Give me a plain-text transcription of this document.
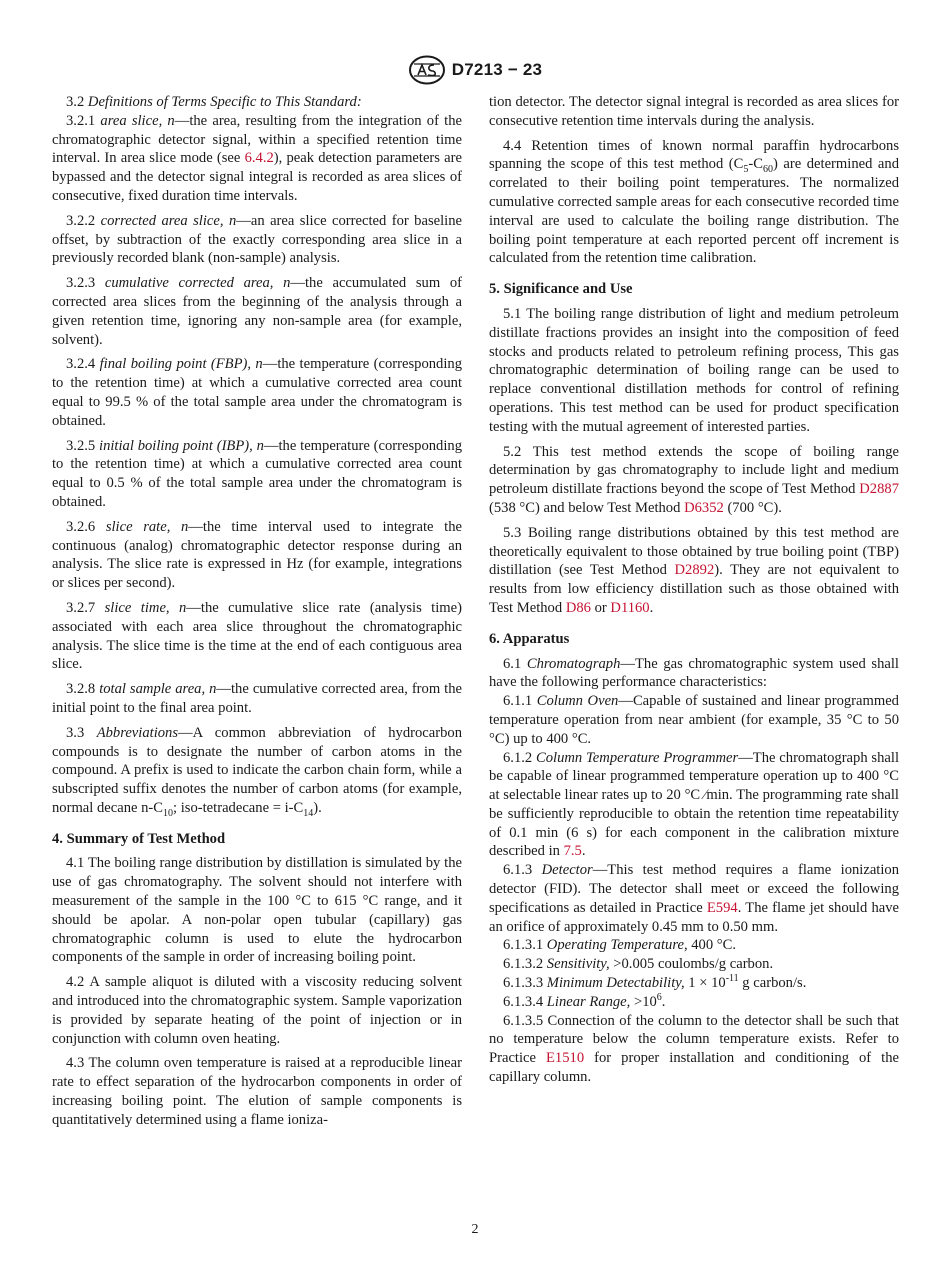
D7213 − 23

3.2 Definitions of Terms Specific to This Standard:

3.2.1 area slice, n—the area, resulting from the integration of the chromatographic detector signal, within a specified retention time interval. In area slice mode (see 6.4.2), peak detection parameters are bypassed and the detector signal integral is recorded as area slices of consecutive, fixed duration time intervals.

3.2.2 corrected area slice, n—an area slice corrected for baseline offset, by subtraction of the exactly corresponding area slice in a previously recorded blank (non-sample) analysis.

3.2.3 cumulative corrected area, n—the accumulated sum of corrected area slices from the beginning of the analysis through a given retention time, ignoring any non-sample area (for example, solvent).

3.2.4 final boiling point (FBP), n—the temperature (corresponding to the retention time) at which a cumulative corrected area count equal to 99.5 % of the total sample area under the chromatogram is obtained.

3.2.5 initial boiling point (IBP), n—the temperature (corresponding to the retention time) at which a cumulative corrected area count equal to 0.5 % of the total sample area under the chromatogram is obtained.

3.2.6 slice rate, n—the time interval used to integrate the continuous (analog) chromatographic detector response during an analysis. The slice rate is expressed in Hz (for example, integrations or slices per second).

3.2.7 slice time, n—the cumulative slice rate (analysis time) associated with each area slice throughout the chromatographic analysis. The slice time is the time at the end of each contiguous area slice.

3.2.8 total sample area, n—the cumulative corrected area, from the initial point to the final area point.

3.3 Abbreviations—A common abbreviation of hydrocarbon compounds is to designate the number of carbon atoms in the compound. A prefix is used to indicate the carbon chain form, while a subscripted suffix denotes the number of carbon atoms (for example, normal decane $n-C_{10}$; iso-tetradecane = $i-C_{14}$).

4. Summary of Test Method

4.1 The boiling range distribution by distillation is simulated by the use of gas chromatography. The solvent should not interfere with measurement of the sample in the 100 °C to 615 °C range, and it should be apolar. A non-polar open tubular (capillary) gas chromatographic column is used to elute the hydrocarbon components of the sample in order of increasing boiling point.

4.2 A sample aliquot is diluted with a viscosity reducing solvent and introduced into the chromatographic system. Sample vaporization is provided by separate heating of the point of injection or in conjunction with column oven heating.

4.3 The column oven temperature is raised at a reproducible linear rate to effect separation of the hydrocarbon components in order of increasing boiling point. The elution of sample components is quantitatively determined using a flame ioniza-

tion detector. The detector signal integral is recorded as area slices for consecutive retention time intervals during the analysis.

4.4 Retention times of known normal paraffin hydrocarbons spanning the scope of this test method $(C_5-C_{60})$ are determined and correlated to their boiling point temperatures. The normalized cumulative corrected sample areas for each consecutive recorded time interval are used to calculate the boiling range distribution. The boiling point temperature at each reported percent off increment is calculated from the retention time calibration.

5. Significance and Use

5.1 The boiling range distribution of light and medium petroleum distillate fractions provides an insight into the composition of feed stocks and products related to petroleum refining process, This gas chromatographic determination of boiling range can be used to replace conventional distillation methods for control of refining operations. This test method can be used for product specification testing with the mutual agreement of interested parties.

5.2 This test method extends the scope of boiling range determination by gas chromatography to include light and medium petroleum distillate fractions beyond the scope of Test Method D2887 (538 °C) and below Test Method D6352 (700 °C).

5.3 Boiling range distributions obtained by this test method are theoretically equivalent to those obtained by true boiling point (TBP) distillation (see Test Method D2892). They are not equivalent to results from low efficiency distillation such as those obtained with Test Method D86 or D1160.

6. Apparatus

6.1 Chromatograph—The gas chromatographic system used shall have the following performance characteristics:

6.1.1 Column Oven—Capable of sustained and linear programmed temperature operation from near ambient (for example, 35 °C to 50 °C) up to 400 °C.

6.1.2 Column Temperature Programmer—The chromatograph shall be capable of linear programmed temperature operation up to 400 °C at selectable linear rates up to 20 °C ⁄min. The programming rate shall be sufficiently reproducible to obtain the retention time repeatability of 0.1 min (6 s) for each component in the calibration mixture described in 7.5.

6.1.3 Detector—This test method requires a flame ionization detector (FID). The detector shall meet or exceed the following specifications as detailed in Practice E594. The flame jet should have an orifice of approximately 0.45 mm to 0.50 mm.

6.1.3.1 Operating Temperature, 400 °C.

6.1.3.2 Sensitivity, >0.005 coulombs/g carbon.

6.1.3.3 Minimum Detectability, $1 \times 10^{-11}$ g carbon/s.

6.1.3.4 Linear Range, $>10^6$.

6.1.3.5 Connection of the column to the detector shall be such that no temperature below the column temperature exists. Refer to Practice E1510 for proper installation and conditioning of the capillary column.

2
